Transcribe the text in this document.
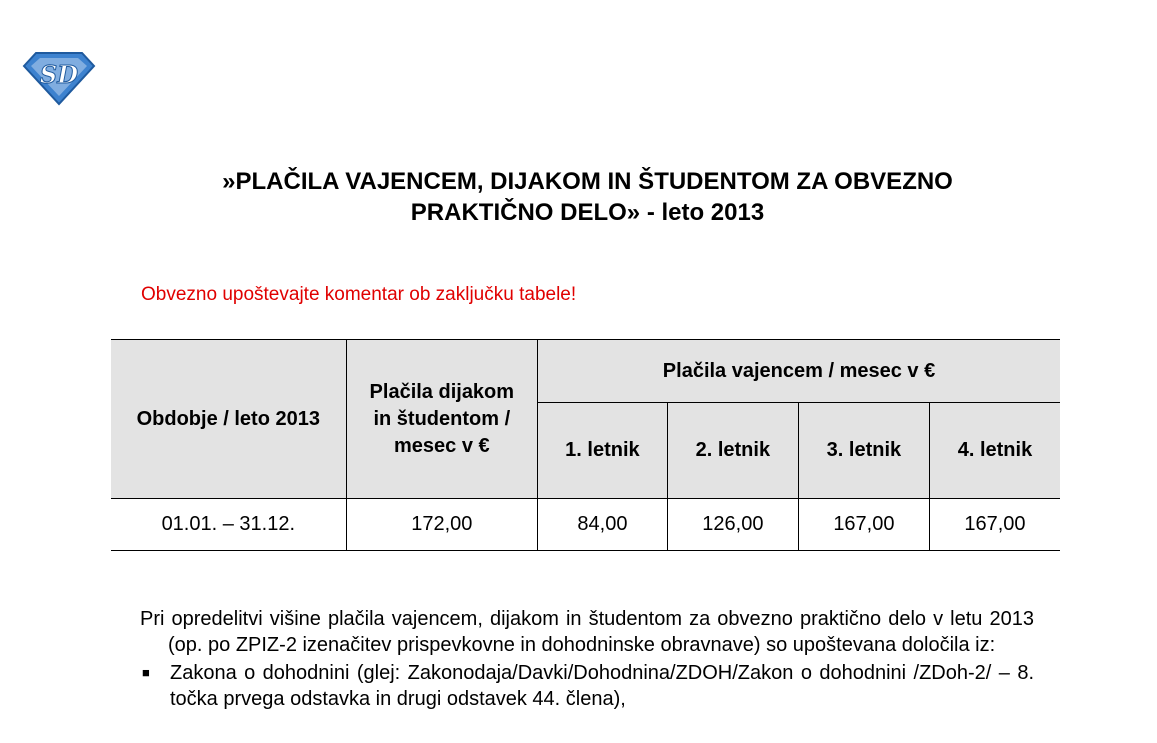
SD
»PLAČILA VAJENCEM, DIJAKOM IN ŠTUDENTOM ZA OBVEZNO
PRAKTIČNO DELO» - leto 2013
Obvezno upoštevajte komentar ob zaključku tabele!
Obdobje / leto 2013	Plačila dijakom in študentom / mesec v €	Plačila vajencem / mesec v €			
		1. letnik	2. letnik	3. letnik	4. letnik
01.01. – 31.12.	172,00	84,00	126,00	167,00	167,00

Pri opredelitvi višine plačila vajencem, dijakom in študentom za obvezno praktično delo v letu 2013 (op. po ZPIZ-2 izenačitev prispevkovne in dohodninske obravnave) so upoštevana določila iz:

■	Zakona o dohodnini (glej: Zakonodaja/Davki/Dohodnina/ZDOH/Zakon o dohodnini /ZDoh-2/ – 8. točka prvega odstavka in drugi odstavek 44. člena),
